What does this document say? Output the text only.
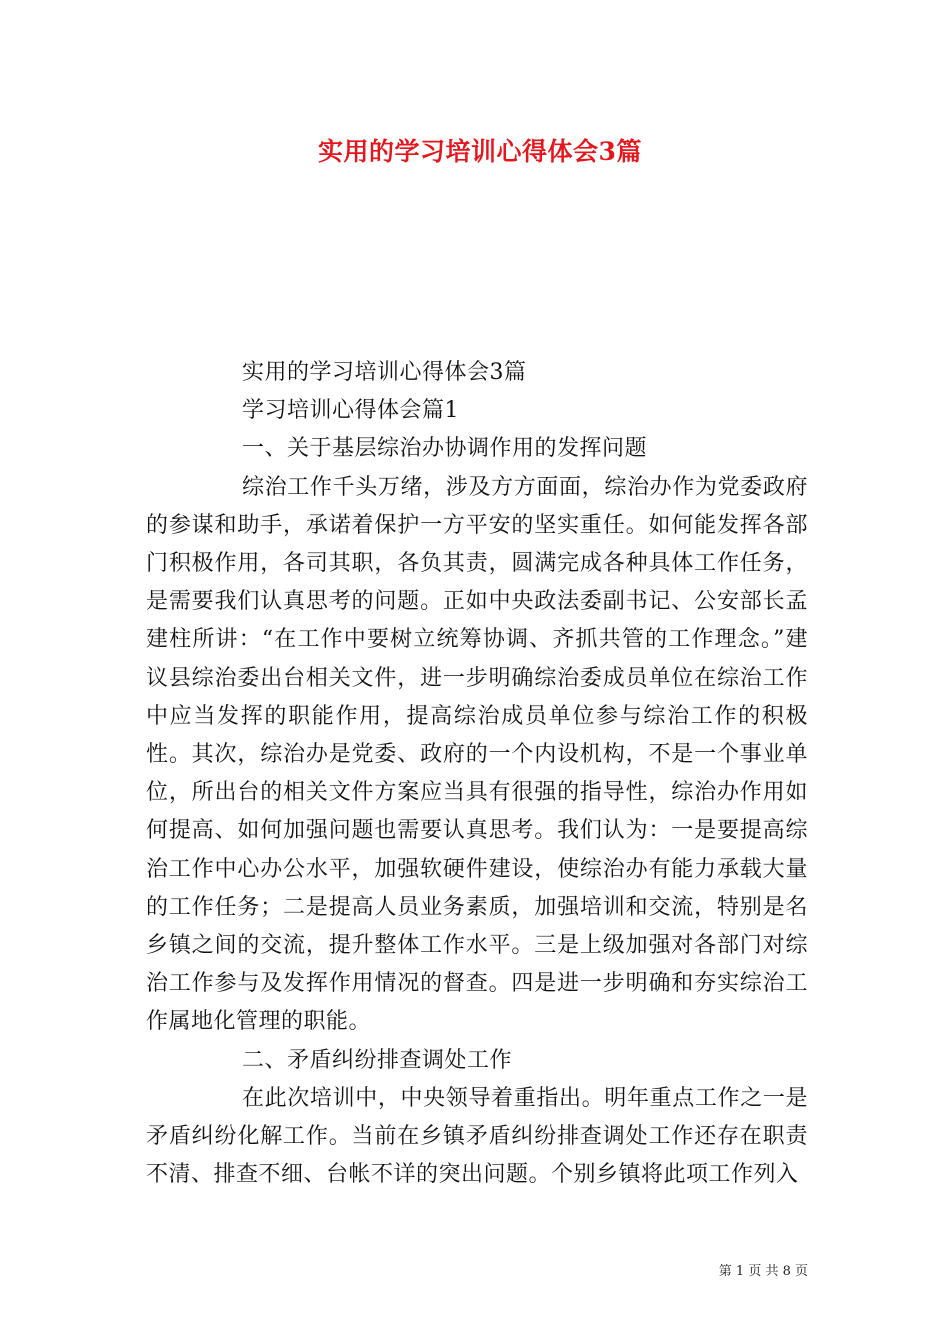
实用的学习培训心得体会3篇

实用的学习培训心得体会3篇

学习培训心得体会篇1

一、关于基层综治办协调作用的发挥问题

综治工作千头万绪，涉及方方面面，综治办作为党委政府的参谋和助手，承诺着保护一方平安的坚实重任。如何能发挥各部门积极作用，各司其职，各负其责，圆满完成各种具体工作任务，是需要我们认真思考的问题。正如中央政法委副书记、公安部长孟建柱所讲：“在工作中要树立统筹协调、齐抓共管的工作理念。”建议县综治委出台相关文件，进一步明确综治委成员单位在综治工作中应当发挥的职能作用，提高综治成员单位参与综治工作的积极性。其次，综治办是党委、政府的一个内设机构，不是一个事业单位，所出台的相关文件方案应当具有很强的指导性，综治办作用如何提高、如何加强问题也需要认真思考。我们认为：一是要提高综治工作中心办公水平，加强软硬件建设，使综治办有能力承载大量的工作任务；二是提高人员业务素质，加强培训和交流，特别是名乡镇之间的交流，提升整体工作水平。三是上级加强对各部门对综治工作参与及发挥作用情况的督查。四是进一步明确和夯实综治工作属地化管理的职能。

二、矛盾纠纷排查调处工作

在此次培训中，中央领导着重指出。明年重点工作之一是矛盾纠纷化解工作。当前在乡镇矛盾纠纷排查调处工作还存在职责不清、排查不细、台帐不详的突出问题。个别乡镇将此项工作列入

第 1 页 共 8 页
